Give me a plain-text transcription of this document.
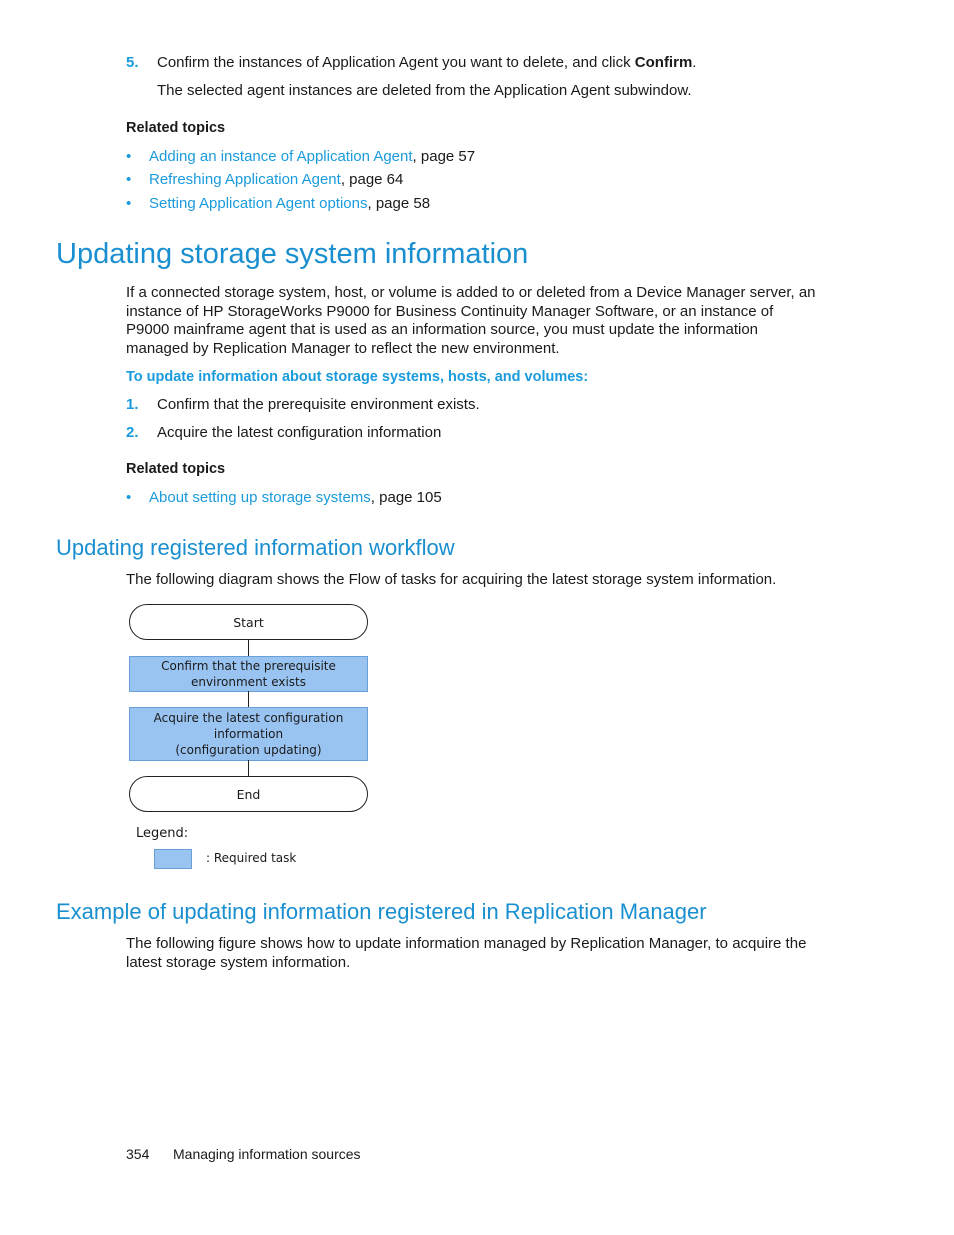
5. Confirm the instances of Application Agent you want to delete, and click Confirm.
The selected agent instances are deleted from the Application Agent subwindow.
Related topics
• Adding an instance of Application Agent, page 57
• Refreshing Application Agent, page 64
• Setting Application Agent options, page 58
Updating storage system information
If a connected storage system, host, or volume is added to or deleted from a Device Manager server, an instance of HP StorageWorks P9000 for Business Continuity Manager Software, or an instance of P9000 mainframe agent that is used as an information source, you must update the information managed by Replication Manager to reflect the new environment.
To update information about storage systems, hosts, and volumes:
1. Confirm that the prerequisite environment exists.
2. Acquire the latest configuration information
Related topics
• About setting up storage systems, page 105
Updating registered information workflow
The following diagram shows the Flow of tasks for acquiring the latest storage system information.
Start
Confirm that the prerequisite
environment exists
Acquire the latest configuration
information
(configuration updating)
End
Legend:
: Required task
Example of updating information registered in Replication Manager
The following figure shows how to update information managed by Replication Manager, to acquire the latest storage system information.
354 Managing information sources
